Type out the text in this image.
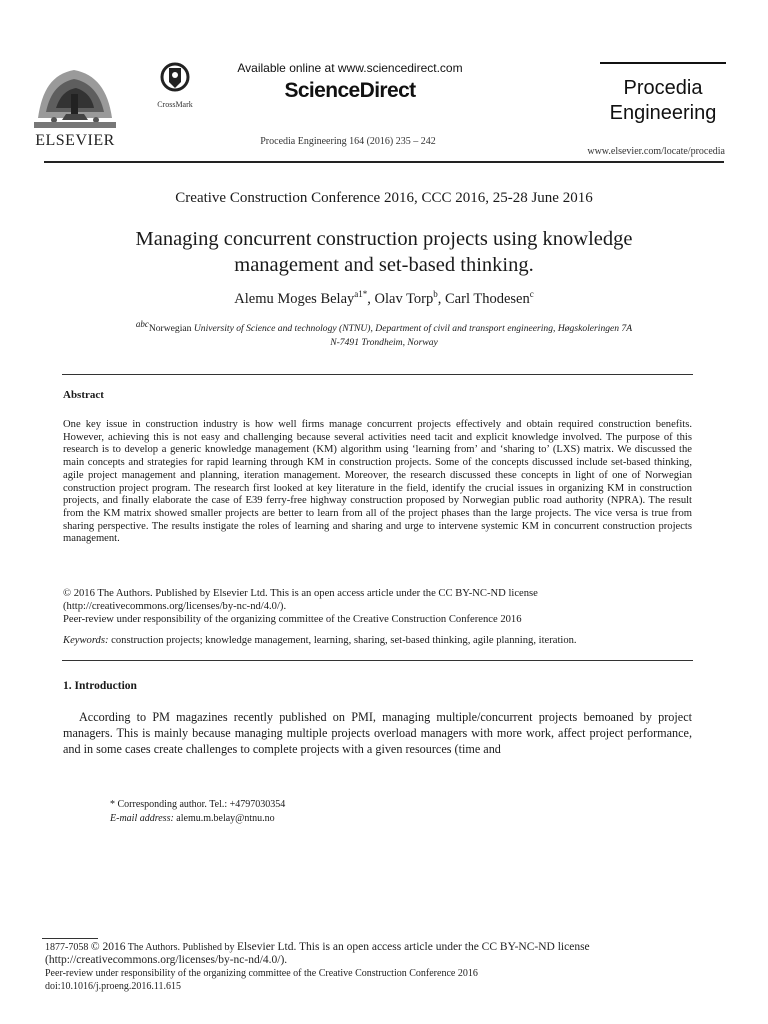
ELSEVIER
CrossMark
Available online at www.sciencedirect.com
ScienceDirect
Procedia Engineering 164 (2016) 235 – 242
Procedia
Engineering
www.elsevier.com/locate/procedia
Creative Construction Conference 2016, CCC 2016, 25-28 June 2016
Managing concurrent construction projects using knowledge
management and set-based thinking.
Alemu Moges Belay$^{a1*}$, Olav Torp$^b$, Carl Thodesen$^c$
$^{abc}$Norwegian University of Science and technology (NTNU), Department of civil and transport engineering, Høgskoleringen 7A
N-7491 Trondheim, Norway
Abstract
One key issue in construction industry is how well firms manage concurrent projects effectively and obtain required construction benefits. However, achieving this is not easy and challenging because several activities need tacit and explicit knowledge involved. The purpose of this research is to develop a generic knowledge management (KM) algorithm using ‘learning from’ and ‘sharing to’ (LXS) matrix. We discussed the main concepts and strategies for rapid learning through KM in construction projects. Some of the concepts discussed include set-based thinking, agile project management and planning, iteration management. Moreover, the research discussed these concepts in light of one of Norwegian construction project program. The research first looked at key literature in the field, identify the crucial issues in organizing KM in construction projects, and finally elaborate the case of E39 ferry-free highway construction proposed by Norwegian public road authority (NPRA). The result from the KM matrix showed smaller projects are better to learn from all of the project phases than the large projects. The vice versa is true from sharing perspective. The results instigate the roles of learning and sharing and urge to intervene systemic KM in concurrent construction projects management.
© 2016 The Authors. Published by Elsevier Ltd. This is an open access article under the CC BY-NC-ND license
(http://creativecommons.org/licenses/by-nc-nd/4.0/).
Peer-review under responsibility of the organizing committee of the Creative Construction Conference 2016
Keywords: construction projects; knowledge management, learning, sharing, set-based thinking, agile planning, iteration.
1. Introduction
According to PM magazines recently published on PMI, managing multiple/concurrent projects bemoaned by project managers. This is mainly because managing multiple projects overload managers with more work, affect project performance, and in some cases create challenges to complete projects with a given resources (time and
* Corresponding author. Tel.: +4797030354
E-mail address: alemu.m.belay@ntnu.no
1877-7058 © 2016 The Authors. Published by Elsevier Ltd. This is an open access article under the CC BY-NC-ND license
(http://creativecommons.org/licenses/by-nc-nd/4.0/).
Peer-review under responsibility of the organizing committee of the Creative Construction Conference 2016
doi:10.1016/j.proeng.2016.11.615
